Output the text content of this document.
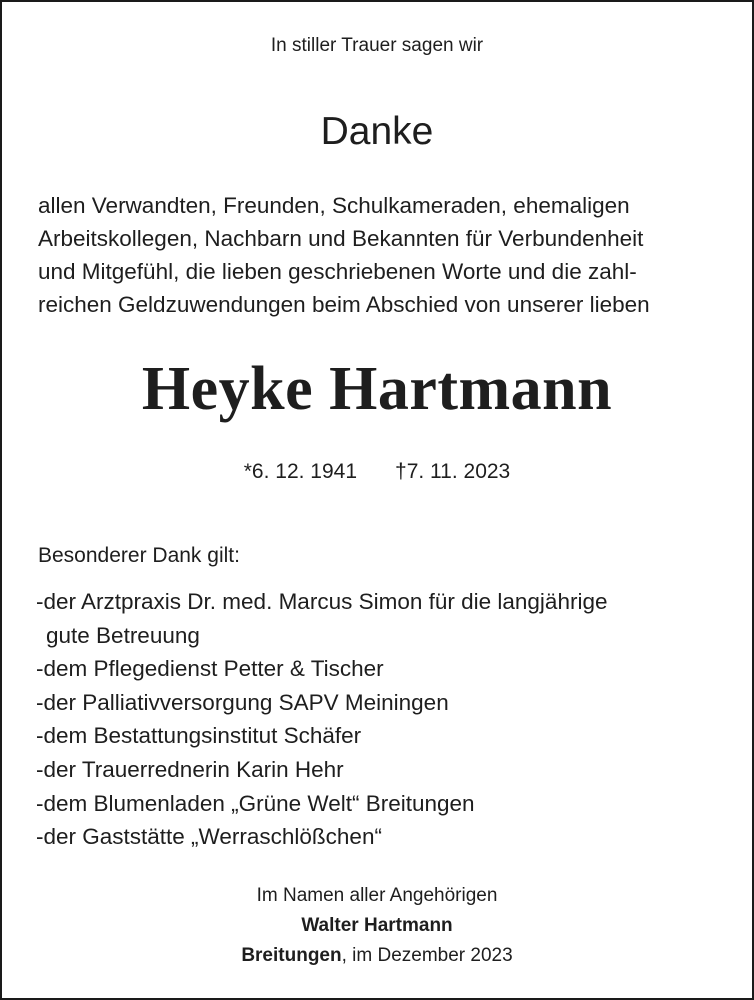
In stiller Trauer sagen wir
Danke
allen Verwandten, Freunden, Schulkameraden, ehemaligen
Arbeitskollegen, Nachbarn und Bekannten für Verbundenheit
und Mitgefühl, die lieben geschriebenen Worte und die zahl-
reichen Geldzuwendungen beim Abschied von unserer lieben
Heyke Hartmann
*6. 12. 1941 †7. 11. 2023
Besonderer Dank gilt:
-der Arztpraxis Dr. med. Marcus Simon für die langjährige
gute Betreuung
-dem Pflegedienst Petter & Tischer
-der Palliativversorgung SAPV Meiningen
-dem Bestattungsinstitut Schäfer
-der Trauerrednerin Karin Hehr
-dem Blumenladen „Grüne Welt“ Breitungen
-der Gaststätte „Werraschlößchen“
Im Namen aller Angehörigen
Walter Hartmann
Breitungen, im Dezember 2023
